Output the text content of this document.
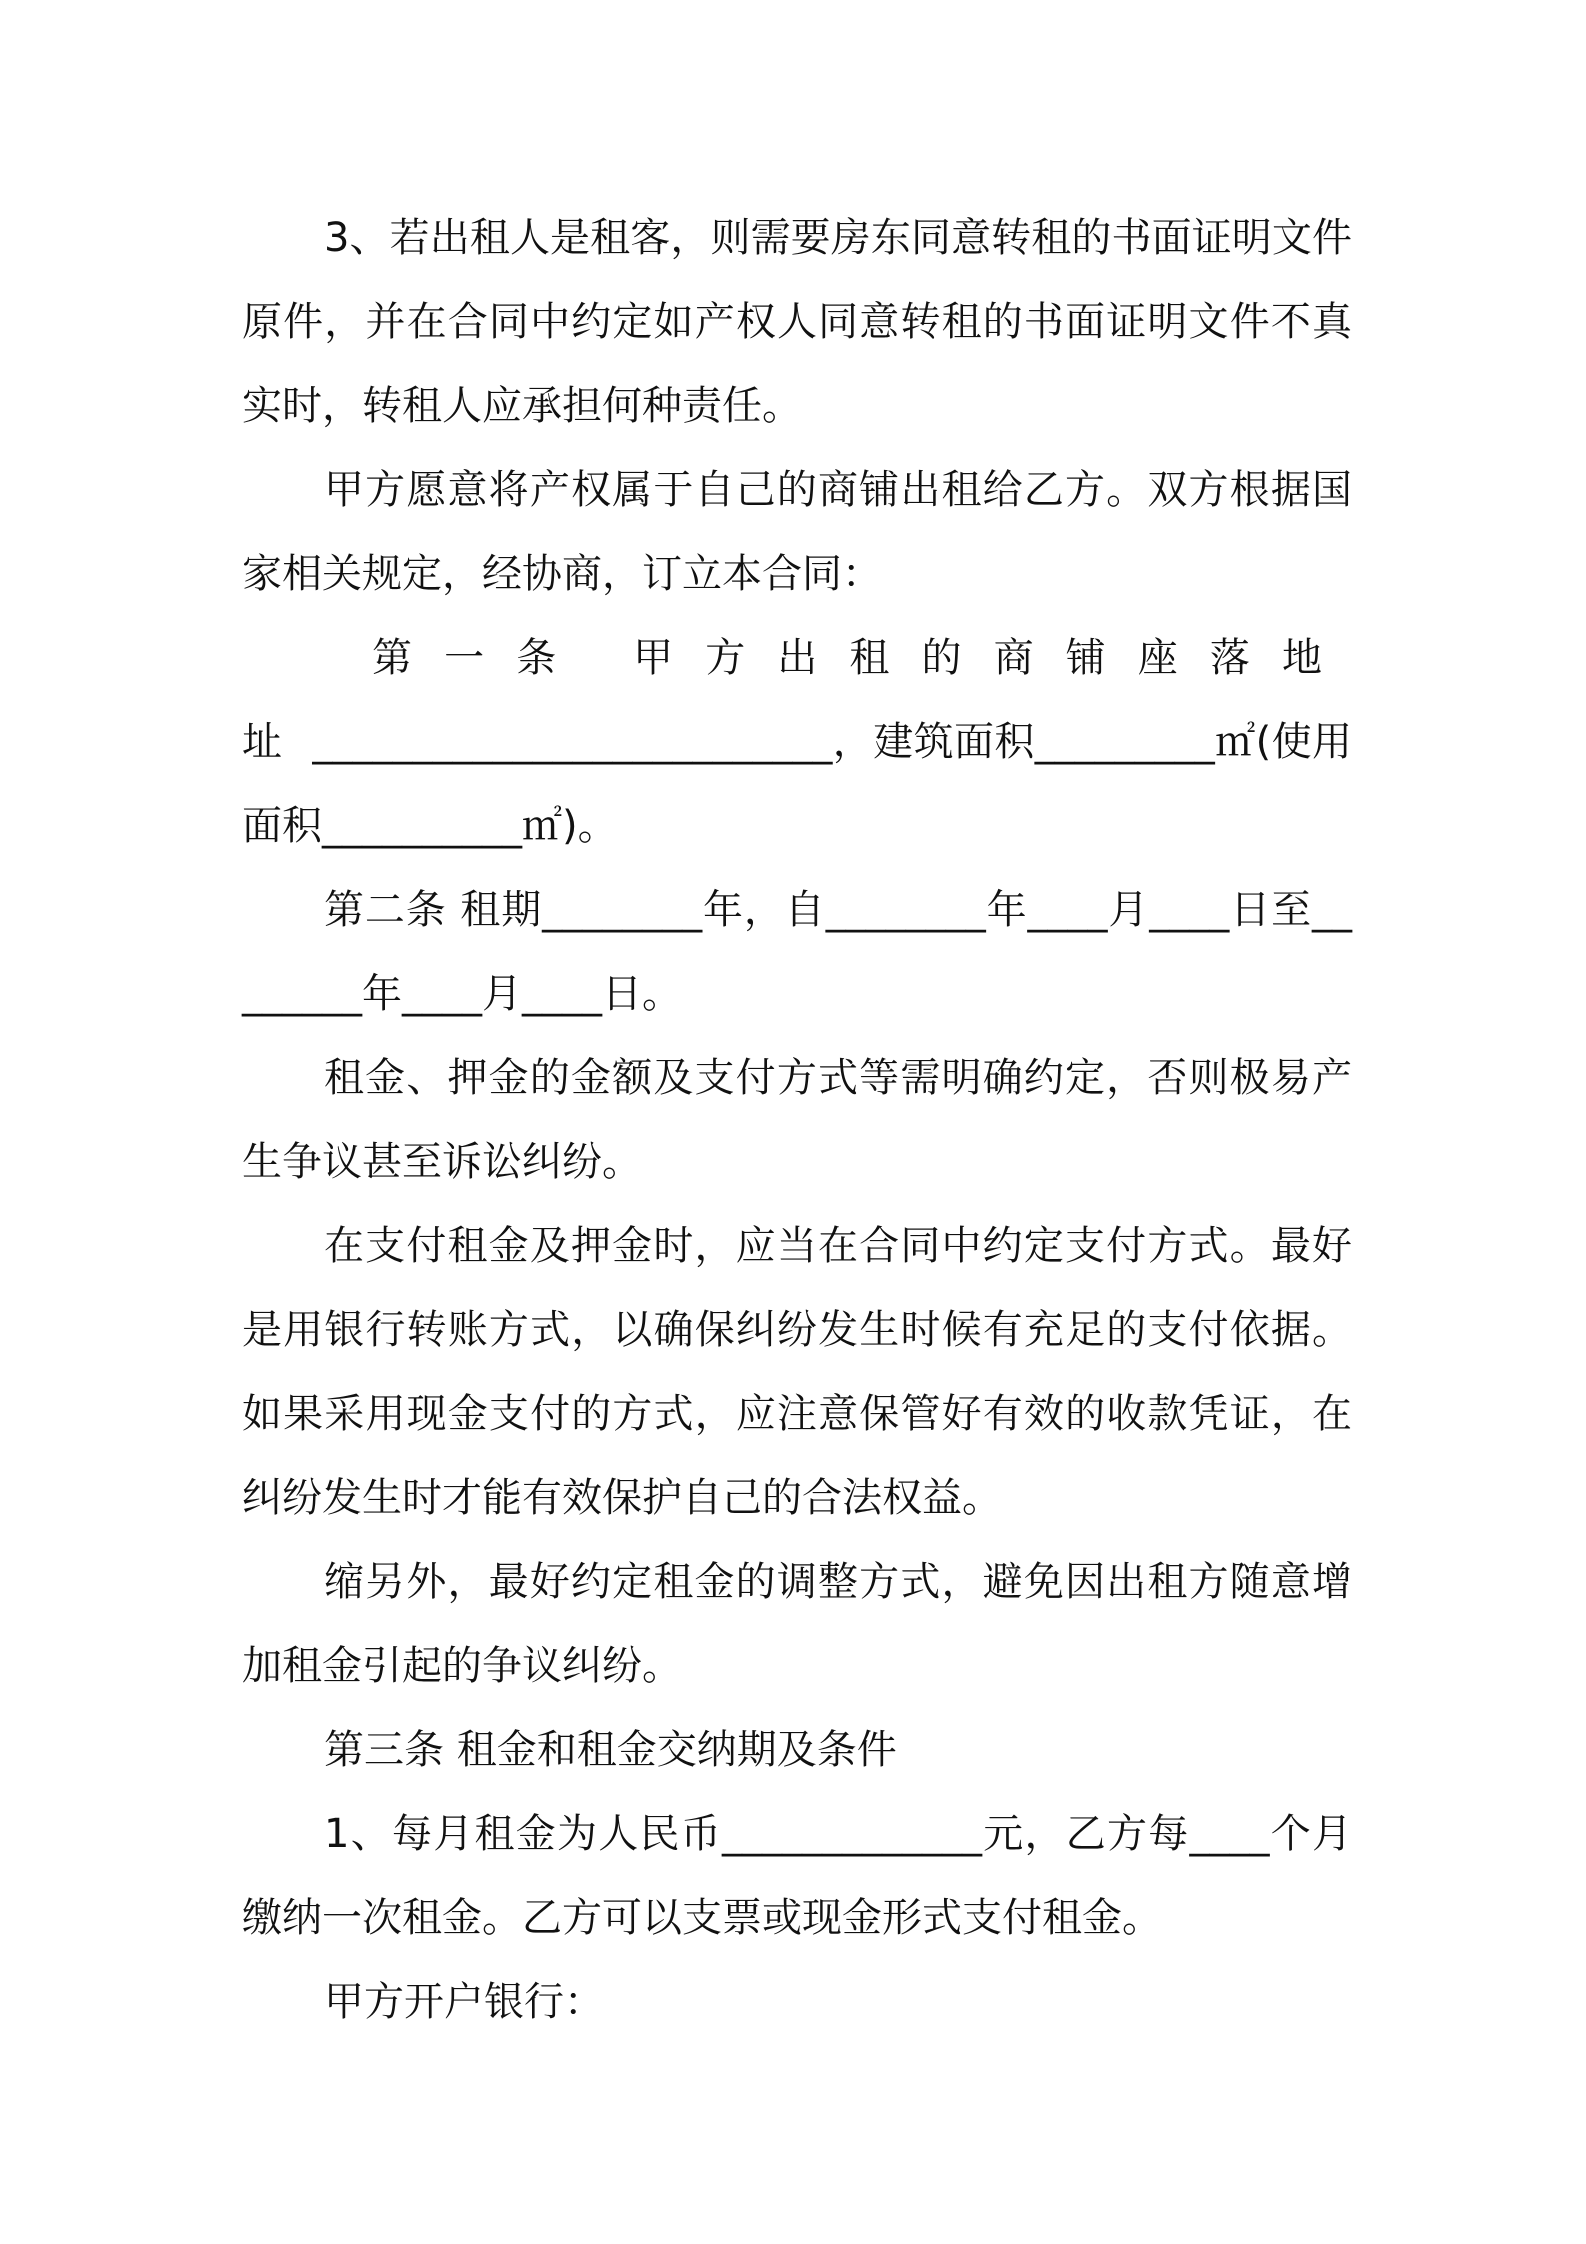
3、若出租人是租客，则需要房东同意转租的书面证明文件原件，并在合同中约定如产权人同意转租的书面证明文件不真实时，转租人应承担何种责任。

甲方愿意将产权属于自己的商铺出租给乙方。双方根据国家相关规定，经协商，订立本合同：

第一条 甲方出租的商铺座落地址__________________________，建筑面积_________㎡(使用面积__________㎡)。

第二条 租期________年，自________年____月____日至________年____月____日。

租金、押金的金额及支付方式等需明确约定，否则极易产生争议甚至诉讼纠纷。

在支付租金及押金时，应当在合同中约定支付方式。最好是用银行转账方式，以确保纠纷发生时候有充足的支付依据。如果采用现金支付的方式，应注意保管好有效的收款凭证，在纠纷发生时才能有效保护自己的合法权益。

缩另外，最好约定租金的调整方式，避免因出租方随意增加租金引起的争议纠纷。

第三条 租金和租金交纳期及条件

1、每月租金为人民币_____________元，乙方每____个月缴纳一次租金。乙方可以支票或现金形式支付租金。

甲方开户银行：
